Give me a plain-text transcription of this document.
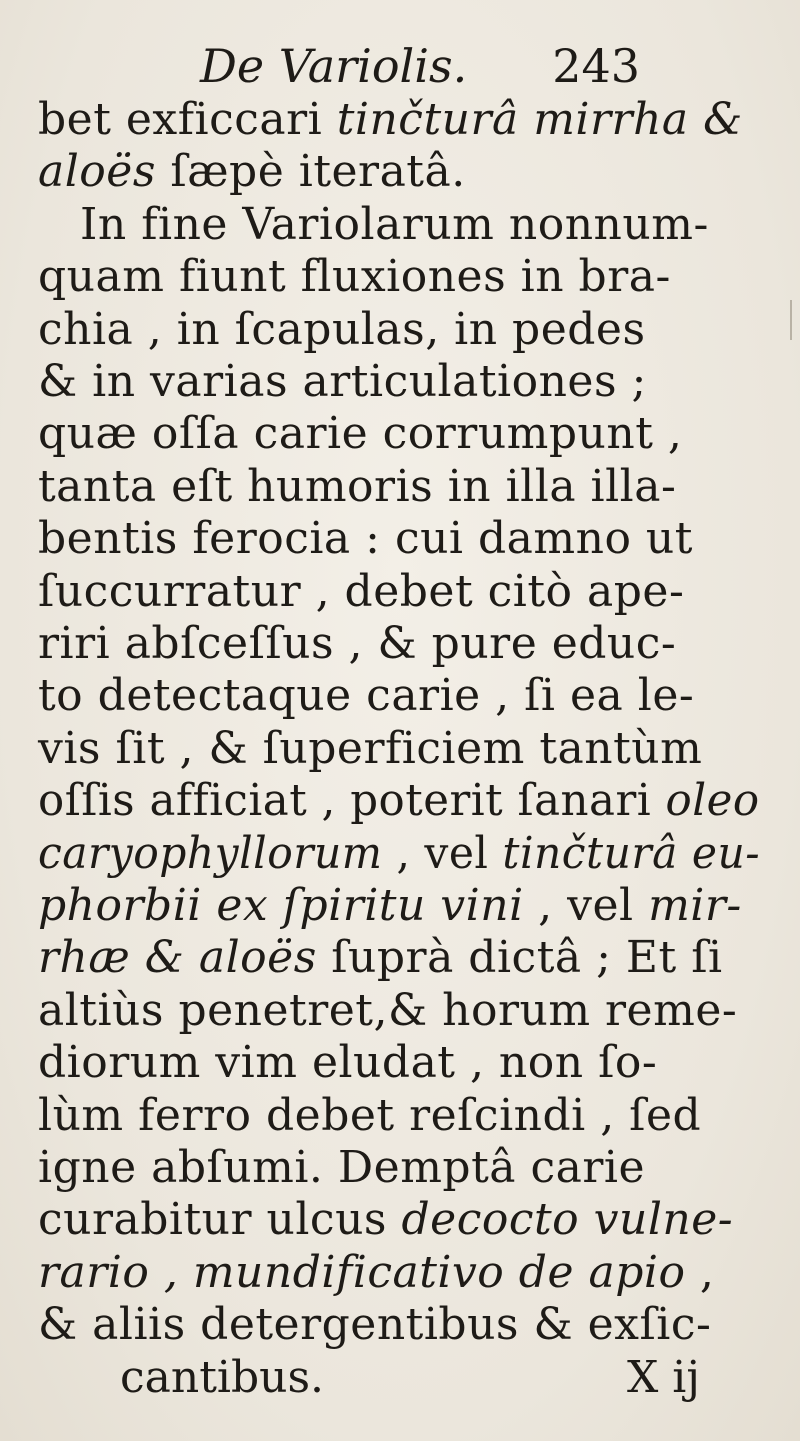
De Variolis. 243
bet exficcari tinčturâ mirrha &
aloës ſæpè iteratâ.
In fine Variolarum nonnum-
quam fiunt fluxiones in bra-
chia , in ſcapulas, in pedes
& in varias articulationes ;
quæ oſſa carie corrumpunt ,
tanta eſt humoris in illa illa-
bentis ferocia : cui damno ut
ſuccurratur , debet citò ape-
riri abſceſſus , & pure educ-
to detectaque carie , ſi ea le-
vis ſit , & ſuperficiem tantùm
oſſis afficiat , poterit ſanari oleo
caryophyllorum , vel tinčturâ eu-
phorbii ex ſpiritu vini , vel mir-
rhæ & aloës ſuprà dictâ ; Et ſi
altiùs penetret,& horum reme-
diorum vim eludat , non ſo-
lùm ferro debet reſcindi , ſed
igne abſumi. Demptâ carie
curabitur ulcus decocto vulne-
rario , mundificativo de apio ,
& aliis detergentibus & exſic-
cantibus.	X ij
